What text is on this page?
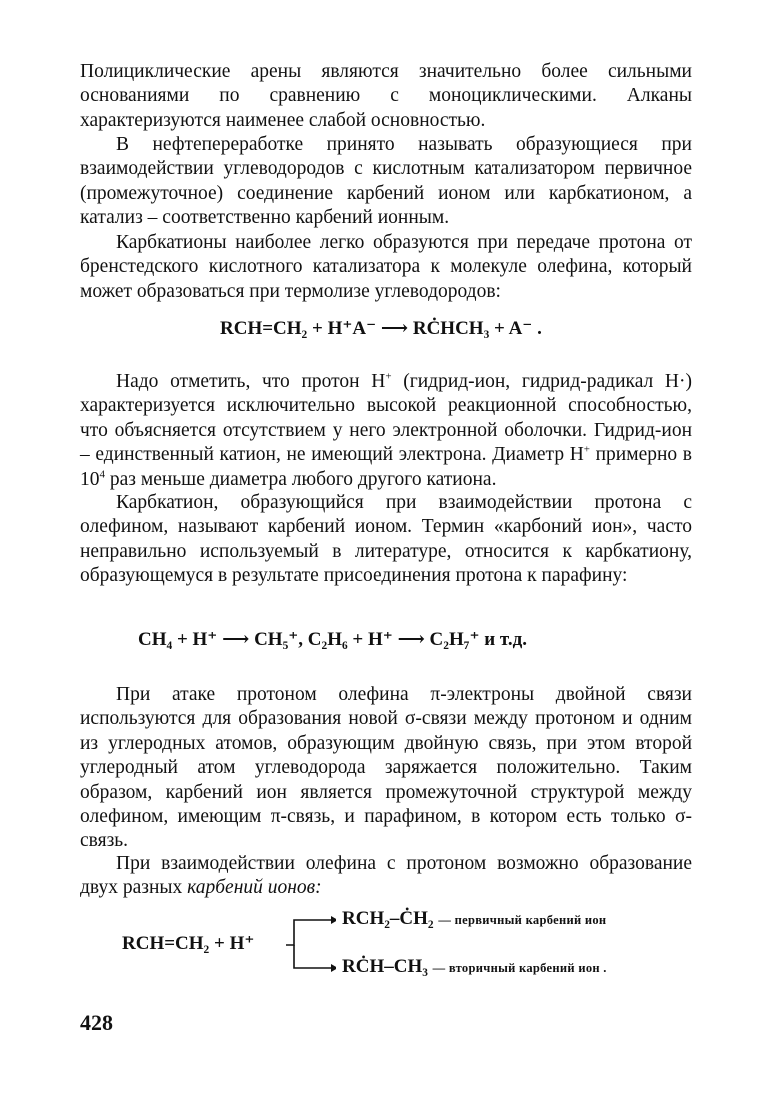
Полициклические арены являются значительно более сильными основаниями по сравнению с моноциклическими. Алканы характеризуются наименее слабой основностью.

В нефтепереработке принято называть образующиеся при взаимодействии углеводородов с кислотным катализатором первичное (промежуточное) соединение карбений ионом или карбкатионом, а катализ – соответственно карбений ионным.

Карбкатионы наиболее легко образуются при передаче протона от бренстедского кислотного катализатора к молекуле олефина, который может образоваться при термолизе углеводородов:

RCH=CH₂ + H⁺A⁻ ⟶ RĊHCH₃ + A⁻ .

Надо отметить, что протон H+ (гидрид-ион, гидрид-радикал H·) характеризуется исключительно высокой реакционной способностью, что объясняется отсутствием у него электронной оболочки. Гидрид-ион – единственный катион, не имеющий электрона. Диаметр H+ примерно в $10^4$ раз меньше диаметра любого другого катиона.

Карбкатион, образующийся при взаимодействии протона с олефином, называют карбений ионом. Термин «карбоний ион», часто неправильно используемый в литературе, относится к карбкатиону, образующемуся в результате присоединения протона к парафину:

CH₄ + H⁺ ⟶ CH₅⁺, C₂H₆ + H⁺ ⟶ C₂H₇⁺ и т.д.

При атаке протоном олефина π-электроны двойной связи используются для образования новой σ-связи между протоном и одним из углеродных атомов, образующим двойную связь, при этом второй углеродный атом углеводорода заряжается положительно. Таким образом, карбений ион является промежуточной структурой между олефином, имеющим π-связь, и парафином, в котором есть только σ-связь.

При взаимодействии олефина с протоном возможно образование двух разных карбений ионов:

RCH=CH₂ + H⁺
RCH₂–ĊH₂ — первичный карбений ион
RĊH–CH₃ — вторичный карбений ион .
428
